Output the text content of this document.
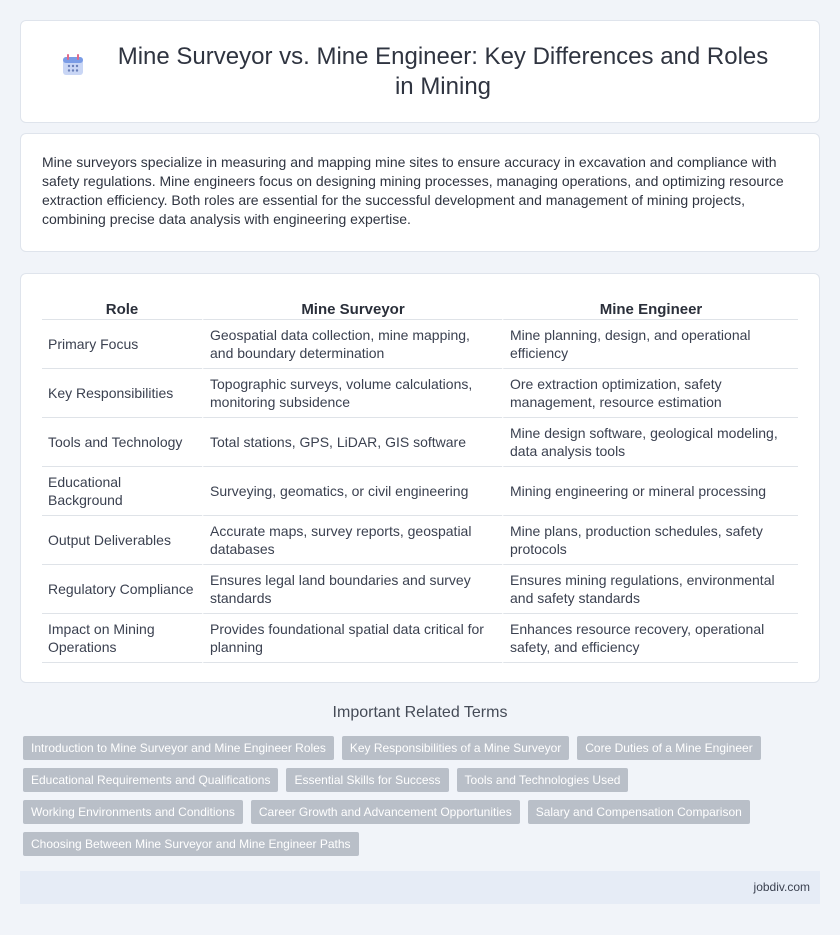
Mine Surveyor vs. Mine Engineer: Key Differences and Roles in Mining

Mine surveyors specialize in measuring and mapping mine sites to ensure accuracy in excavation and compliance with safety regulations. Mine engineers focus on designing mining processes, managing operations, and optimizing resource extraction efficiency. Both roles are essential for the successful development and management of mining projects, combining precise data analysis with engineering expertise.

Role	Mine Surveyor	Mine Engineer
Primary Focus	Geospatial data collection, mine mapping, and boundary determination	Mine planning, design, and operational efficiency
Key Responsibilities	Topographic surveys, volume calculations, monitoring subsidence	Ore extraction optimization, safety management, resource estimation
Tools and Technology	Total stations, GPS, LiDAR, GIS software	Mine design software, geological modeling, data analysis tools
Educational Background	Surveying, geomatics, or civil engineering	Mining engineering or mineral processing
Output Deliverables	Accurate maps, survey reports, geospatial databases	Mine plans, production schedules, safety protocols
Regulatory Compliance	Ensures legal land boundaries and survey standards	Ensures mining regulations, environmental and safety standards
Impact on Mining Operations	Provides foundational spatial data critical for planning	Enhances resource recovery, operational safety, and efficiency
Important Related Terms
Introduction to Mine Surveyor and Mine Engineer Roles	Key Responsibilities of a Mine Surveyor	Core Duties of a Mine Engineer
Educational Requirements and Qualifications	Essential Skills for Success	Tools and Technologies Used
Working Environments and Conditions	Career Growth and Advancement Opportunities	Salary and Compensation Comparison
Choosing Between Mine Surveyor and Mine Engineer Paths
jobdiv.com
